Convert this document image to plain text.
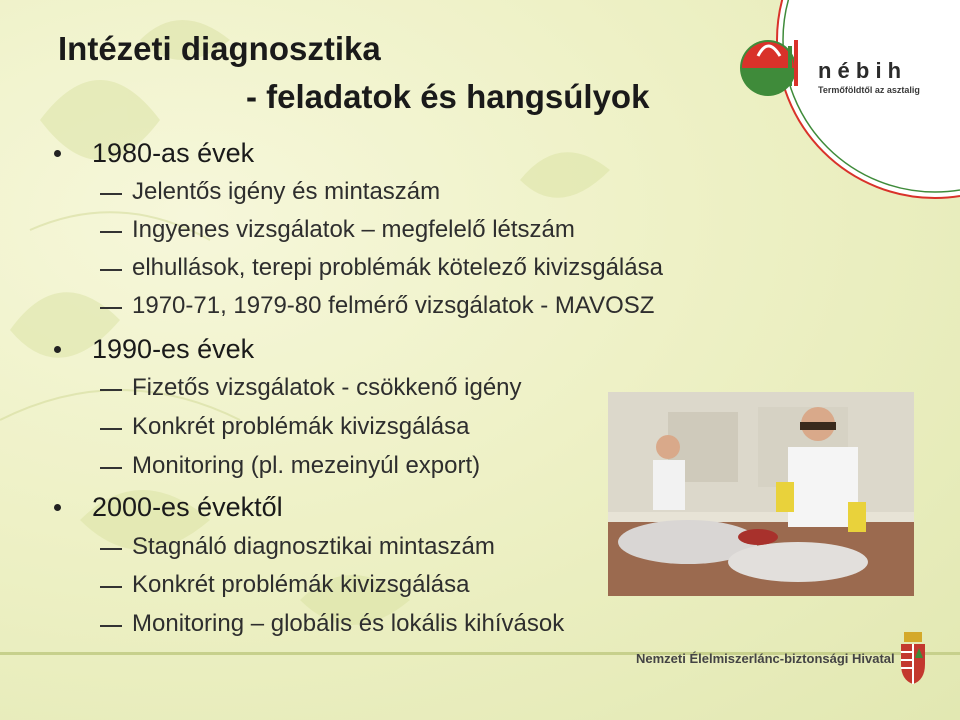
n é b i h
Termőföldtől az asztalig
Intézeti diagnosztika
- feladatok és hangsúlyok
1980-as évek
Jelentős igény és mintaszám
Ingyenes vizsgálatok – megfelelő létszám
elhullások, terepi problémák kötelező kivizsgálása
1970-71, 1979-80 felmérő vizsgálatok - MAVOSZ
1990-es évek
Fizetős vizsgálatok - csökkenő igény
Konkrét problémák kivizsgálása
Monitoring (pl. mezeinyúl export)
2000-es évektől
Stagnáló diagnosztikai mintaszám
Konkrét problémák kivizsgálása
Monitoring – globális és lokális kihívások
Nemzeti Élelmiszerlánc-biztonsági Hivatal
